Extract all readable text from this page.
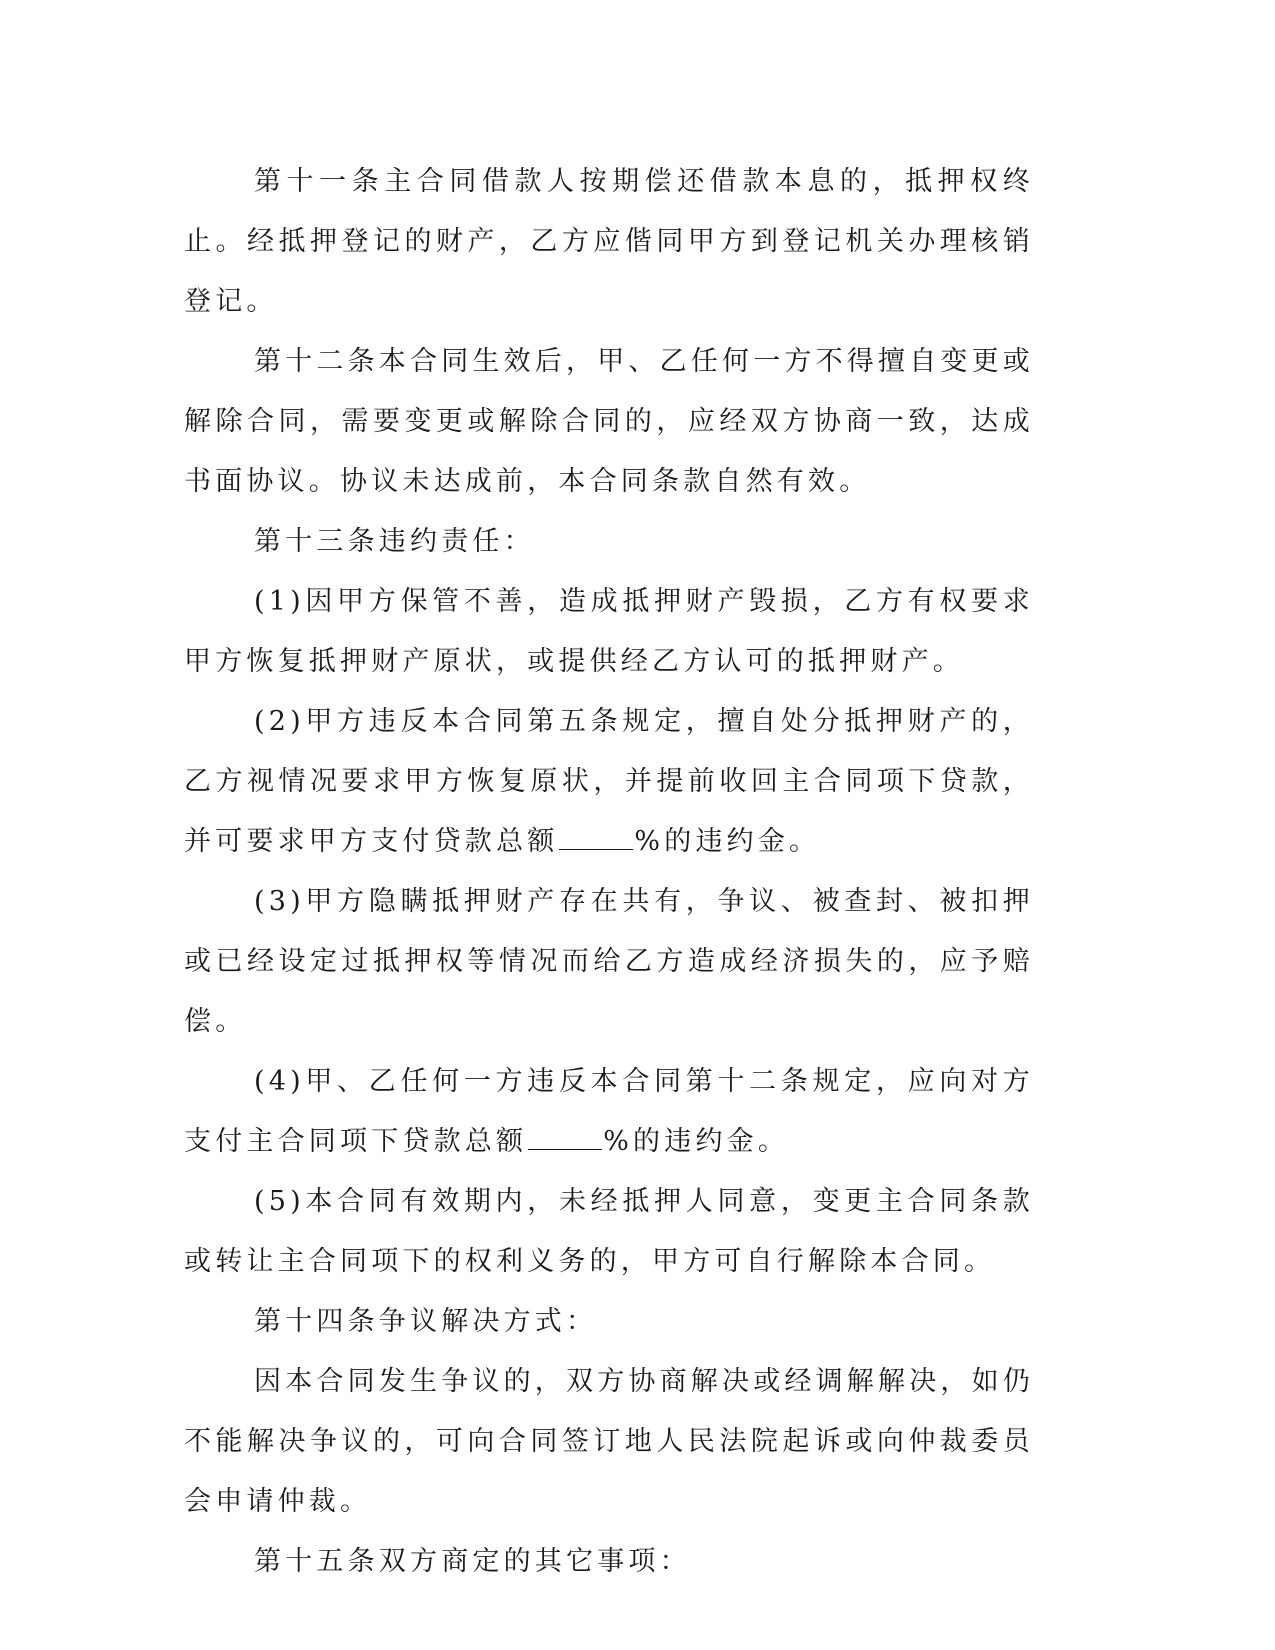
第十一条主合同借款人按期偿还借款本息的，抵押权终止。经抵押登记的财产，乙方应偕同甲方到登记机关办理核销登记。

第十二条本合同生效后，甲、乙任何一方不得擅自变更或解除合同，需要变更或解除合同的，应经双方协商一致，达成书面协议。协议未达成前，本合同条款自然有效。

第十三条违约责任：

(1)因甲方保管不善，造成抵押财产毁损，乙方有权要求甲方恢复抵押财产原状，或提供经乙方认可的抵押财产。

(2)甲方违反本合同第五条规定，擅自处分抵押财产的，乙方视情况要求甲方恢复原状，并提前收回主合同项下贷款，并可要求甲方支付贷款总额	%的违约金。

(3)甲方隐瞒抵押财产存在共有，争议、被查封、被扣押或已经设定过抵押权等情况而给乙方造成经济损失的，应予赔偿。

(4)甲、乙任何一方违反本合同第十二条规定，应向对方支付主合同项下贷款总额	%的违约金。

(5)本合同有效期内，未经抵押人同意，变更主合同条款或转让主合同项下的权利义务的，甲方可自行解除本合同。

第十四条争议解决方式：

因本合同发生争议的，双方协商解决或经调解解决，如仍不能解决争议的，可向合同签订地人民法院起诉或向仲裁委员会申请仲裁。

第十五条双方商定的其它事项：
